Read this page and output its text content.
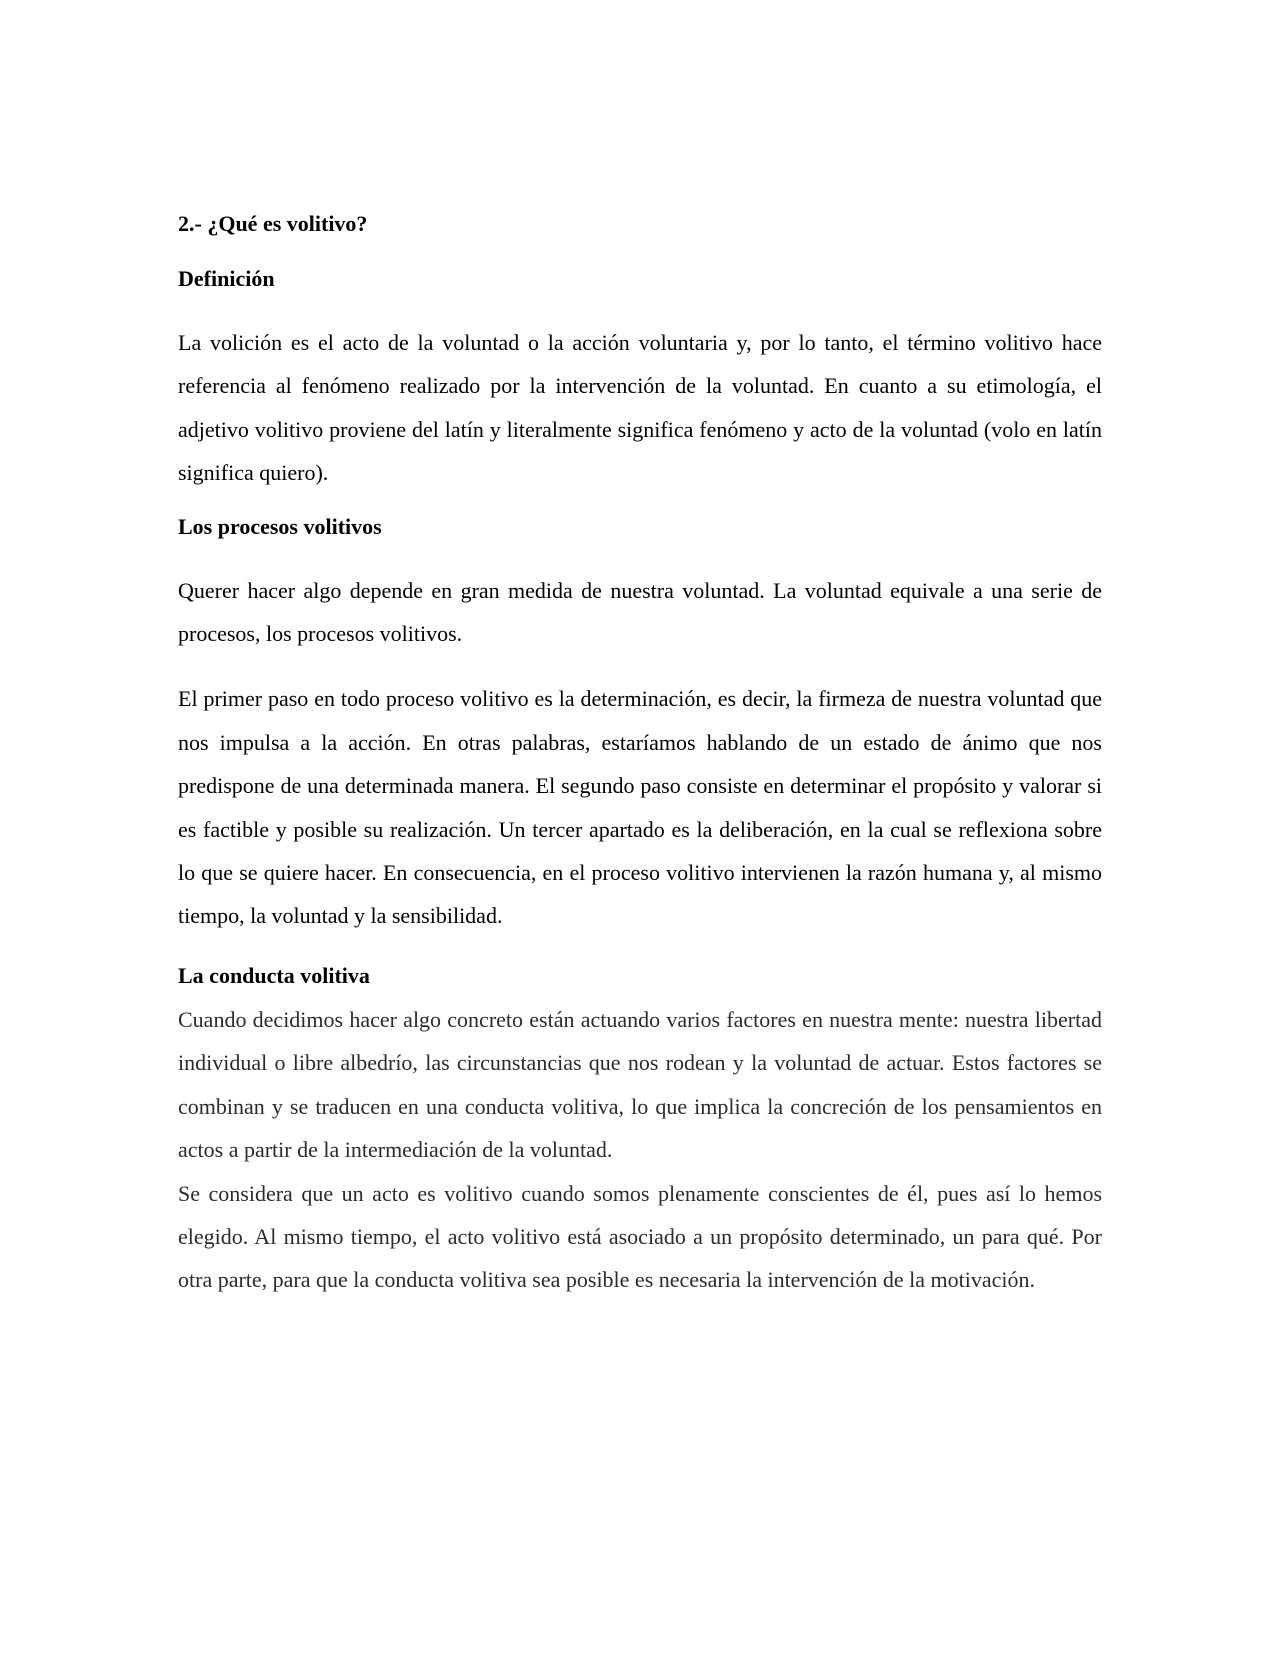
2.- ¿Qué es volitivo?
Definición

La volición es el acto de la voluntad o la acción voluntaria y, por lo tanto, el término volitivo hace referencia al fenómeno realizado por la intervención de la voluntad. En cuanto a su etimología, el adjetivo volitivo proviene del latín y literalmente significa fenómeno y acto de la voluntad (volo en latín significa quiero).

Los procesos volitivos

Querer hacer algo depende en gran medida de nuestra voluntad. La voluntad equivale a una serie de procesos, los procesos volitivos.

El primer paso en todo proceso volitivo es la determinación, es decir, la firmeza de nuestra voluntad que nos impulsa a la acción. En otras palabras, estaríamos hablando de un estado de ánimo que nos predispone de una determinada manera. El segundo paso consiste en determinar el propósito y valorar si es factible y posible su realización. Un tercer apartado es la deliberación, en la cual se reflexiona sobre lo que se quiere hacer. En consecuencia, en el proceso volitivo intervienen la razón humana y, al mismo tiempo, la voluntad y la sensibilidad.

La conducta volitiva

Cuando decidimos hacer algo concreto están actuando varios factores en nuestra mente: nuestra libertad individual o libre albedrío, las circunstancias que nos rodean y la voluntad de actuar. Estos factores se combinan y se traducen en una conducta volitiva, lo que implica la concreción de los pensamientos en actos a partir de la intermediación de la voluntad.

Se considera que un acto es volitivo cuando somos plenamente conscientes de él, pues así lo hemos elegido. Al mismo tiempo, el acto volitivo está asociado a un propósito determinado, un para qué. Por otra parte, para que la conducta volitiva sea posible es necesaria la intervención de la motivación.
